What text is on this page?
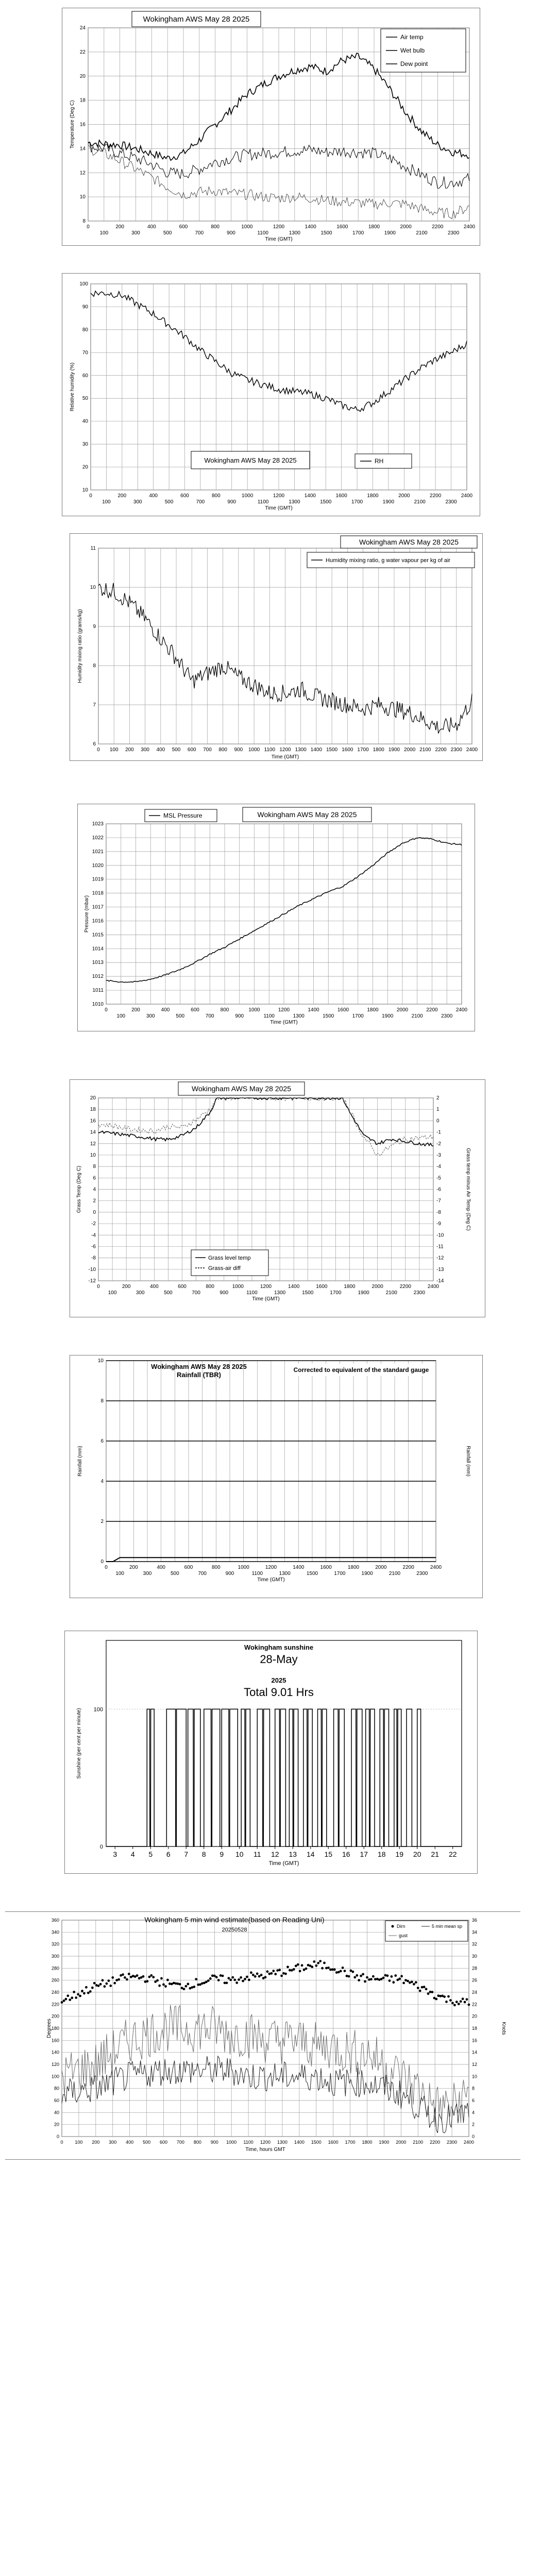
0
100
200
300
400
500
600
700
800
900
1000
1100
1200
1300
1400
1500
1600
1700
1800
1900
2000
2100
2200
2300
2400
8
10
12
14
16
18
20
22
24
Time (GMT)
Temperature (Deg C)
Wokingham AWS May 28 2025
Air temp
Wet bulb
Dew point
0
100
200
300
400
500
600
700
800
900
1000
1100
1200
1300
1400
1500
1600
1700
1800
1900
2000
2100
2200
2300
2400
10
20
30
40
50
60
70
80
90
100
Time (GMT)
Relative humidity (%)
Wokingham AWS May 28 2025	RH
0 100 200 300 400 500 600 700 800 900 1000 1100 1200 1300 1400 1500 1600 1700 1800 1900 2000 2100 2200 2300 2400
6
7
8
9
10
11
Time (GMT)
Humidity mixing ratio (grams/kg)
Wokingham AWS May 28 2025
Humidity mixing ratio, g water vapour per kg of air
0
100
200
300
400
500
600
700
800
900
1000
1100
1200
1300
1400
1500
1600
1700
1800
1900
2000
2100
2200
2300
2400
1010
1011
1012
1013
1014
1015
1016
1017
1018
1019
1020
1021
1022
1023
Time (GMT)
Pressure (mbar)
Wokingham AWS May 28 2025
MSL Pressure
0
100
200
300
400
500
600
700
800
900
1000
1100
1200
1300
1400
1500
1600
1700
1800
1900
2000
2100
2200
2300
2400
-12
-10
-8
-6
-4
-2
0
2
4
6
8
10
12
14
16
18
20
-14
-13
-12
-11
-10
-9
-8
-7
-6
-5
-4
-3
-2
-1
0
1
2
Time (GMT)
Grass Temp (Deg C)	Grass temp minus Air Temp (Deg C)
Wokingham AWS May 28 2025
Grass level temp
Grass-air diff
0
100
200
300
400
500
600
700
800
900
1000
1100
1200
1300
1400
1500
1600
1700
1800
1900
2000
2100
2200
2300
2400
0
2
4
6
8
10
Time (GMT)
Rainfall (mm)	Rainfall (mm)
Wokingham AWS May 28 2025
Rainfall (TBR)
Corrected to equivalent of the standard gauge
3 4 5 6 7 8 9 10 11 12 13 14 15 16 17 18 19 20 21 22
0
100
Wokingham sunshine
28-May
2025
Total 9.01 Hrs
Time (GMT)
Sunshine (per cent per minute)
0	100 200 300 400 500 600 700 800 900 1000 1100 1200 1300 1400 1500 1600 1700 1800 1900 2000 2100 2200 2300 2400
0
20
40
60
80
100
120
140
160
180
200
220
240
260
280
300
320
340
360
0
2
4
6
8
10
12
14
16
18
20
22
24
26
28
30
32
34
36
Time, hours GMT
Degrees	Knots
Wokingham 5 min wind estimate(based on Reading Uni)
20250528
Dirn	5 min mean sp
gust
